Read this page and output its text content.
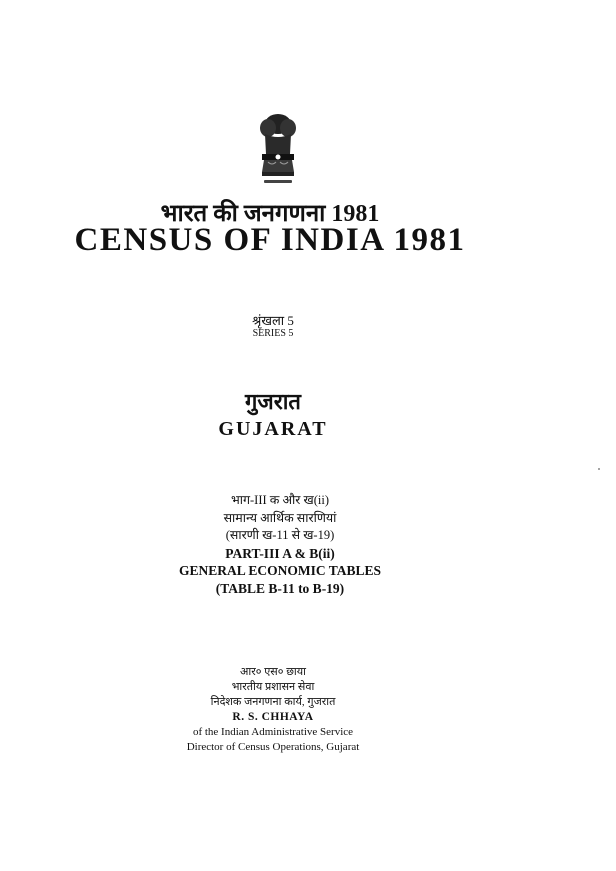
भारत की जनगणना 1981
CENSUS OF INDIA 1981
श्रृंखला 5
SERIES 5
गुजरात
GUJARAT
भाग-III क और ख(ii)
सामान्य आर्थिक सारणियां
(सारणी ख-11 से ख-19)
PART-III A & B(ii)
GENERAL ECONOMIC TABLES
(TABLE B-11 to B-19)
आर० एस० छाया
भारतीय प्रशासन सेवा
निदेशक जनगणना कार्य, गुजरात
R. S. CHHAYA
of the Indian Administrative Service
Director of Census Operations, Gujarat
